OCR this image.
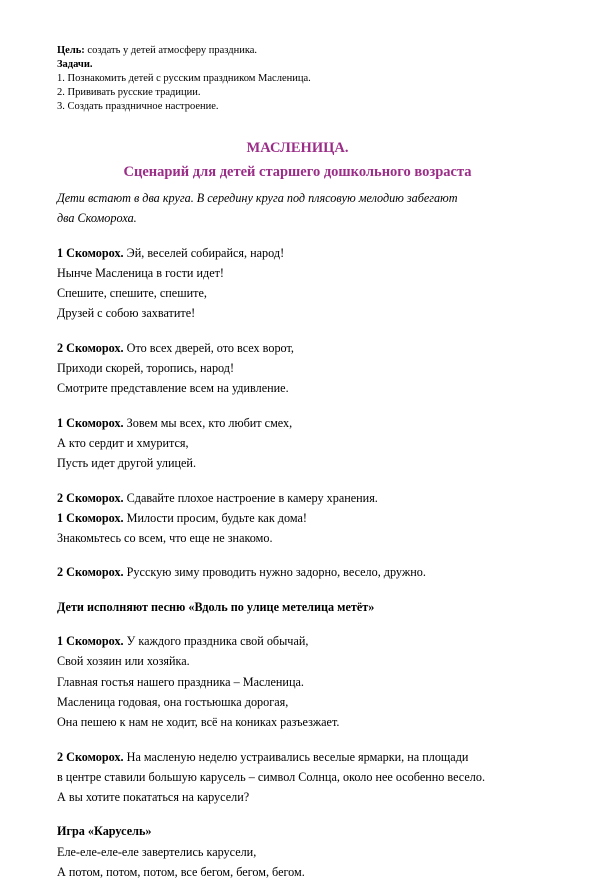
Цель: создать у детей атмосферу праздника.
Задачи.
1. Познакомить детей с русским праздником Масленица.
2. Прививать русские традиции.
3. Создать праздничное настроение.
МАСЛЕНИЦА.
Сценарий для детей старшего дошкольного возраста
Дети встают в два круга. В середину круга под плясовую мелодию забегают
два Скомороха.
1 Скоморох. Эй, веселей собирайся, народ!
Нынче Масленица в гости идет!
Спешите, спешите, спешите,
Друзей с собою захватите!
2 Скоморох. Ото всех дверей, ото всех ворот,
Приходи скорей, торопись, народ!
Смотрите представление всем на удивление.
1 Скоморох. Зовем мы всех, кто любит смех,
А кто сердит и хмурится,
Пусть идет другой улицей.
2 Скоморох. Сдавайте плохое настроение в камеру хранения.
1 Скоморох. Милости просим, будьте как дома!
Знакомьтесь со всем, что еще не знакомо.
2 Скоморох. Русскую зиму проводить нужно задорно, весело, дружно.
Дети исполняют песню «Вдоль по улице метелица метёт»
1 Скоморох. У каждого праздника свой обычай,
Свой хозяин или хозяйка.
Главная гостья нашего праздника – Масленица.
Масленица годовая, она гостьюшка дорогая,
Она пешею к нам не ходит, всё на кониках разъезжает.
2 Скоморох. На масленую неделю устраивались веселые ярмарки, на площади
в центре ставили большую карусель – символ Солнца, около нее особенно весело.
А вы хотите покататься на карусели?
Игра «Карусель»
Еле-еле-еле-еле завертелись карусели,
А потом, потом, потом, все бегом, бегом, бегом.
